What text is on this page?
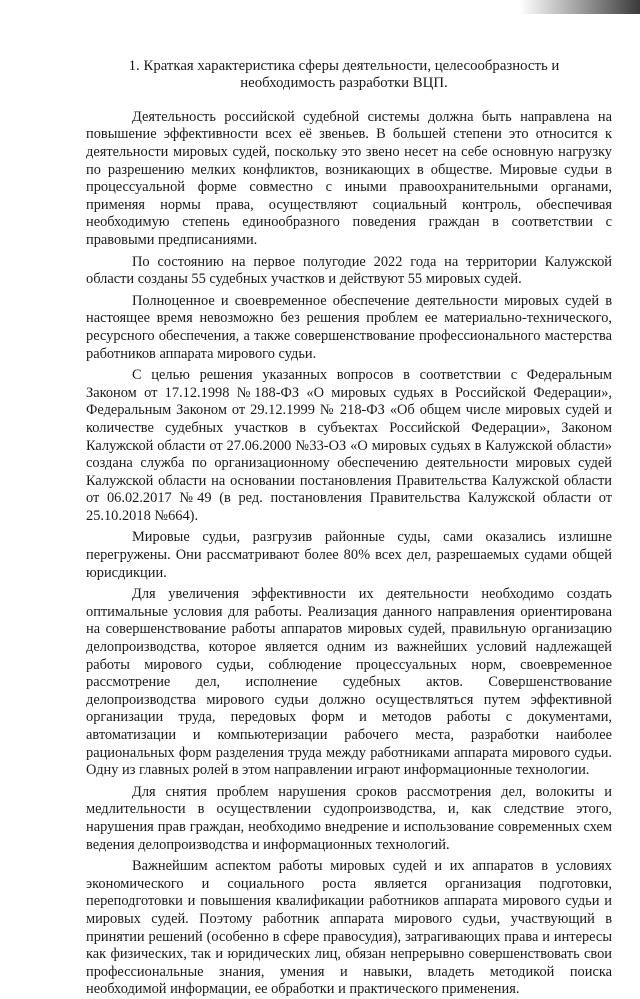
1. Краткая характеристика сферы деятельности, целесообразность и необходимость разработки ВЦП.

Деятельность российской судебной системы должна быть направлена на повышение эффективности всех её звеньев. В большей степени это относится к деятельности мировых судей, поскольку это звено несет на себе основную нагрузку по разрешению мелких конфликтов, возникающих в обществе. Мировые судьи в процессуальной форме совместно с иными правоохранительными органами, применяя нормы права, осуществляют социальный контроль, обеспечивая необходимую степень единообразного поведения граждан в соответствии с правовыми предписаниями.

По состоянию на первое полугодие 2022 года на территории Калужской области созданы 55 судебных участков и действуют 55 мировых судей.

Полноценное и своевременное обеспечение деятельности мировых судей в настоящее время невозможно без решения проблем ее материально-технического, ресурсного обеспечения, а также совершенствование профессионального мастерства работников аппарата мирового судьи.

С целью решения указанных вопросов в соответствии с Федеральным Законом от 17.12.1998 №188-ФЗ «О мировых судьях в Российской Федерации», Федеральным Законом от 29.12.1999 № 218-ФЗ «Об общем числе мировых судей и количестве судебных участков в субъектах Российской Федерации», Законом Калужской области от 27.06.2000 №33-ОЗ «О мировых судьях в Калужской области» создана служба по организационному обеспечению деятельности мировых судей Калужской области на основании постановления Правительства Калужской области от 06.02.2017 №49 (в ред. постановления Правительства Калужской области от 25.10.2018 №664).

Мировые судьи, разгрузив районные суды, сами оказались излишне перегружены. Они рассматривают более 80% всех дел, разрешаемых судами общей юрисдикции.

Для увеличения эффективности их деятельности необходимо создать оптимальные условия для работы. Реализация данного направления ориентирована на совершенствование работы аппаратов мировых судей, правильную организацию делопроизводства, которое является одним из важнейших условий надлежащей работы мирового судьи, соблюдение процессуальных норм, своевременное рассмотрение дел, исполнение судебных актов. Совершенствование делопроизводства мирового судьи должно осуществляться путем эффективной организации труда, передовых форм и методов работы с документами, автоматизации и компьютеризации рабочего места, разработки наиболее рациональных форм разделения труда между работниками аппарата мирового судьи. Одну из главных ролей в этом направлении играют информационные технологии.

Для снятия проблем нарушения сроков рассмотрения дел, волокиты и медлительности в осуществлении судопроизводства, и, как следствие этого, нарушения прав граждан, необходимо внедрение и использование современных схем ведения делопроизводства и информационных технологий.

Важнейшим аспектом работы мировых судей и их аппаратов в условиях экономического и социального роста является организация подготовки, переподготовки и повышения квалификации работников аппарата мирового судьи и мировых судей. Поэтому работник аппарата мирового судьи, участвующий в принятии решений (особенно в сфере правосудия), затрагивающих права и интересы как физических, так и юридических лиц, обязан непрерывно совершенствовать свои профессиональные знания, умения и навыки, владеть методикой поиска необходимой информации, ее обработки и практического применения.
